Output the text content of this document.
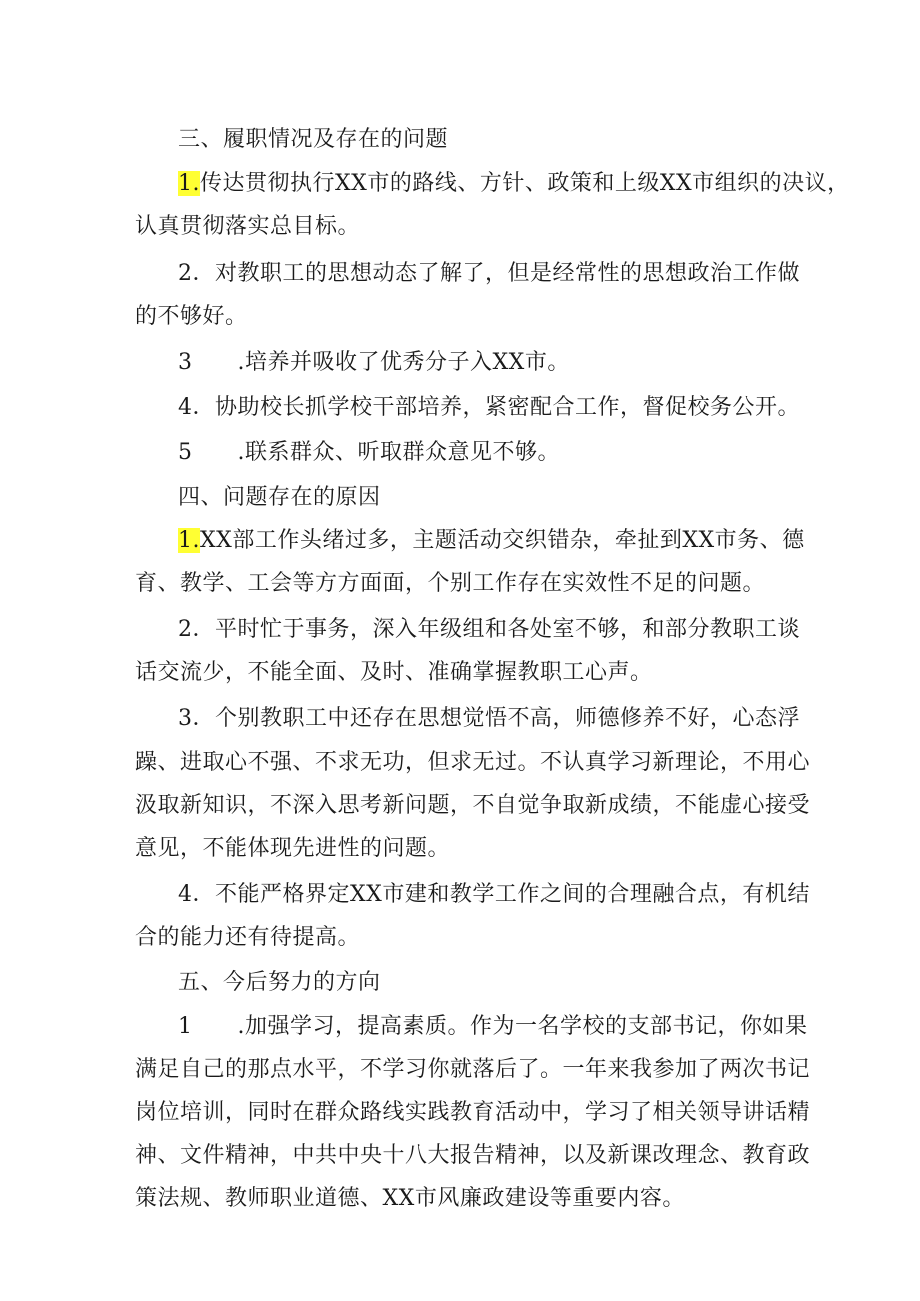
三、履职情况及存在的问题
1.传达贯彻执行XX市的路线、方针、政策和上级XX市组织的决议，
认真贯彻落实总目标。
2．对教职工的思想动态了解了，但是经常性的思想政治工作做
的不够好。
3　　.培养并吸收了优秀分子入XX市。
4．协助校长抓学校干部培养，紧密配合工作，督促校务公开。
5　　.联系群众、听取群众意见不够。
四、问题存在的原因
1.XX部工作头绪过多，主题活动交织错杂，牵扯到XX市务、德
育、教学、工会等方方面面，个别工作存在实效性不足的问题。
2．平时忙于事务，深入年级组和各处室不够，和部分教职工谈
话交流少，不能全面、及时、准确掌握教职工心声。
3．个别教职工中还存在思想觉悟不高，师德修养不好，心态浮
躁、进取心不强、不求无功，但求无过。不认真学习新理论，不用心
汲取新知识，不深入思考新问题，不自觉争取新成绩，不能虚心接受
意见，不能体现先进性的问题。
4．不能严格界定XX市建和教学工作之间的合理融合点，有机结
合的能力还有待提高。
五、今后努力的方向
1　　.加强学习，提高素质。作为一名学校的支部书记，你如果
满足自己的那点水平，不学习你就落后了。一年来我参加了两次书记
岗位培训，同时在群众路线实践教育活动中，学习了相关领导讲话精
神、文件精神，中共中央十八大报告精神，以及新课改理念、教育政
策法规、教师职业道德、XX市风廉政建设等重要内容。
